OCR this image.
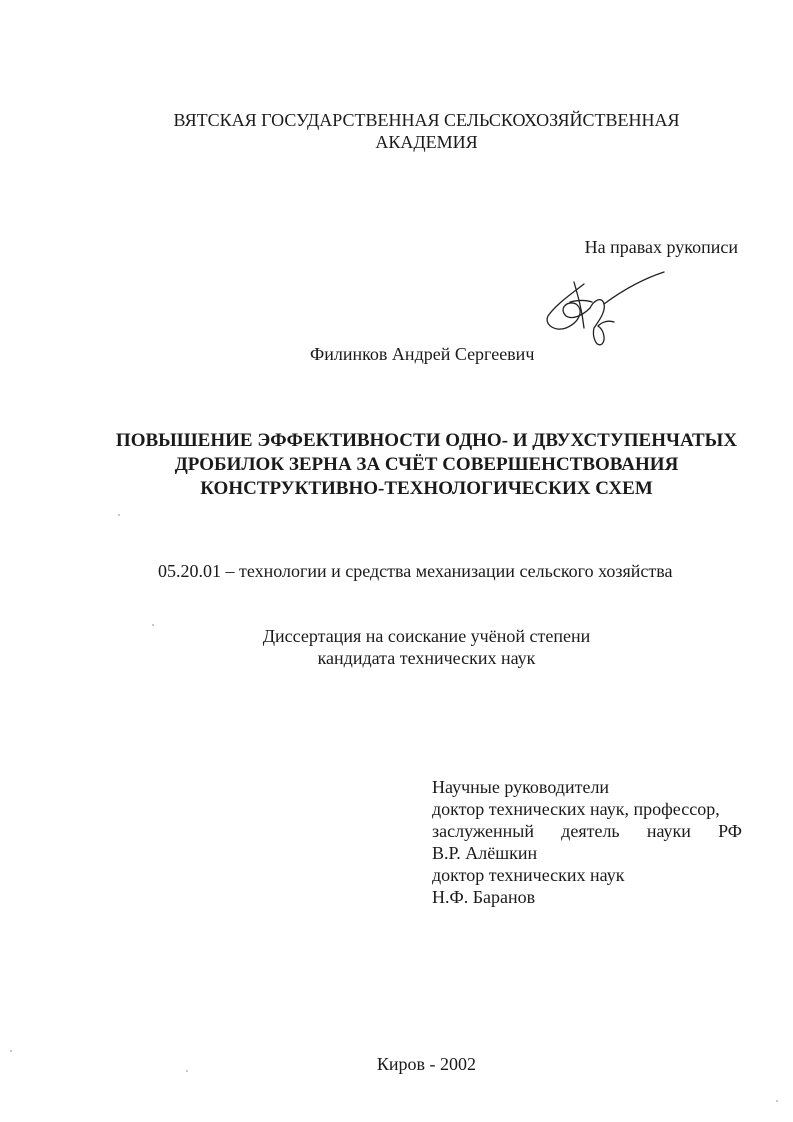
ВЯТСКАЯ ГОСУДАРСТВЕННАЯ СЕЛЬСКОХОЗЯЙСТВЕННАЯ
АКАДЕМИЯ
На правах рукописи
Филинков Андрей Сергеевич
ПОВЫШЕНИЕ ЭФФЕКТИВНОСТИ ОДНО- И ДВУХСТУПЕНЧАТЫХ
ДРОБИЛОК ЗЕРНА ЗА СЧЁТ СОВЕРШЕНСТВОВАНИЯ
КОНСТРУКТИВНО-ТЕХНОЛОГИЧЕСКИХ СХЕМ
05.20.01 – технологии и средства механизации сельского хозяйства
Диссертация на соискание учёной степени
кандидата технических наук
Научные руководители
доктор технических наук, профессор,
заслуженный деятель науки РФ
В.Р. Алёшкин
доктор технических наук
Н.Ф. Баранов
Киров - 2002
